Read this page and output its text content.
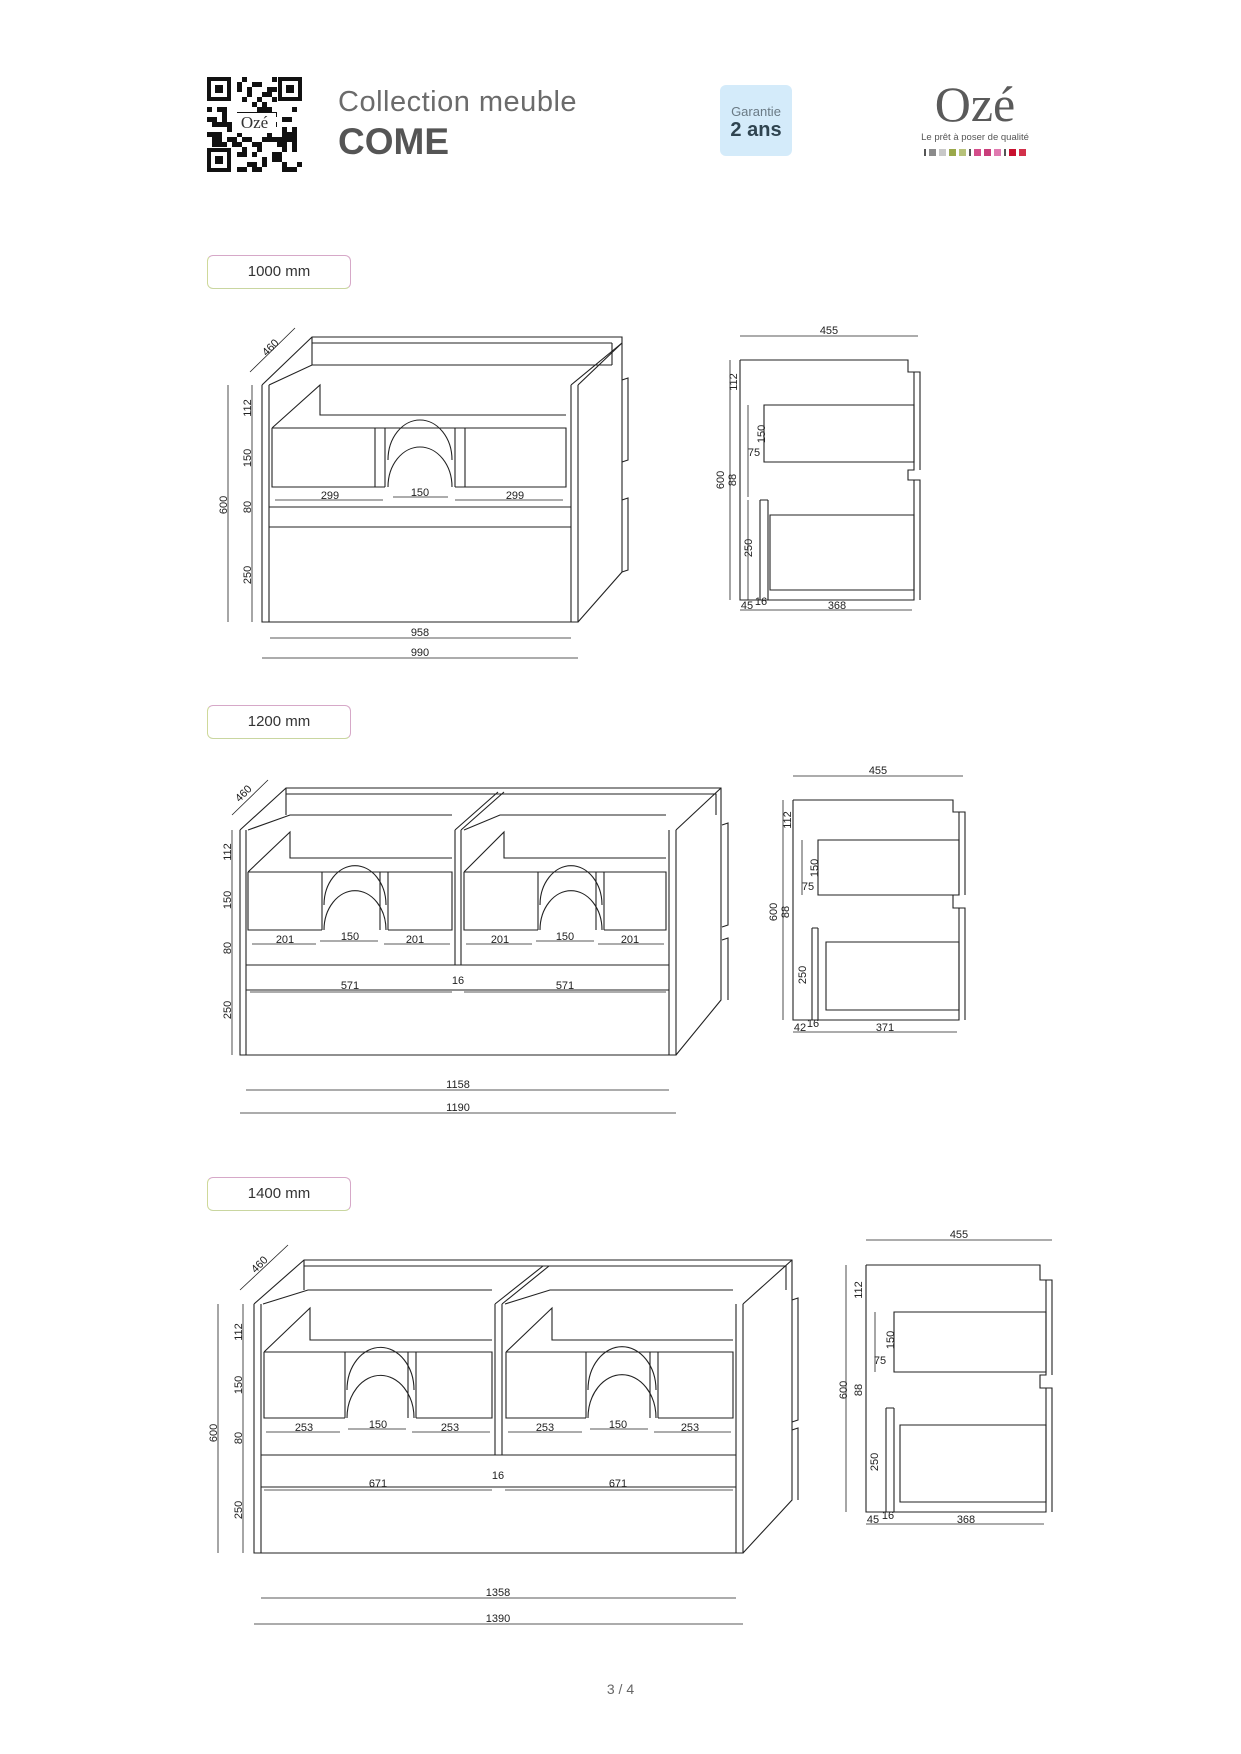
Ozé
Collection meuble
COME
Garantie
2 ans	Ozé
Le prêt à poser de qualité
1000 mm
1200 mm
1400 mm
299	150	299
600
112
150
80
250
460
958
990
455
112
150
75
88
600
250
45 16	368
201	150	201	201	150	201
571	16	571
112
150
80
250
460
1158
1190
455
112
150
75
88
600
250
42 16	371
253	150	253	253	150	253
671
16
671
600
112
150
80
250
460
1358
1390
455
112
150
75
88
600
250
45 16	368
3 / 4
